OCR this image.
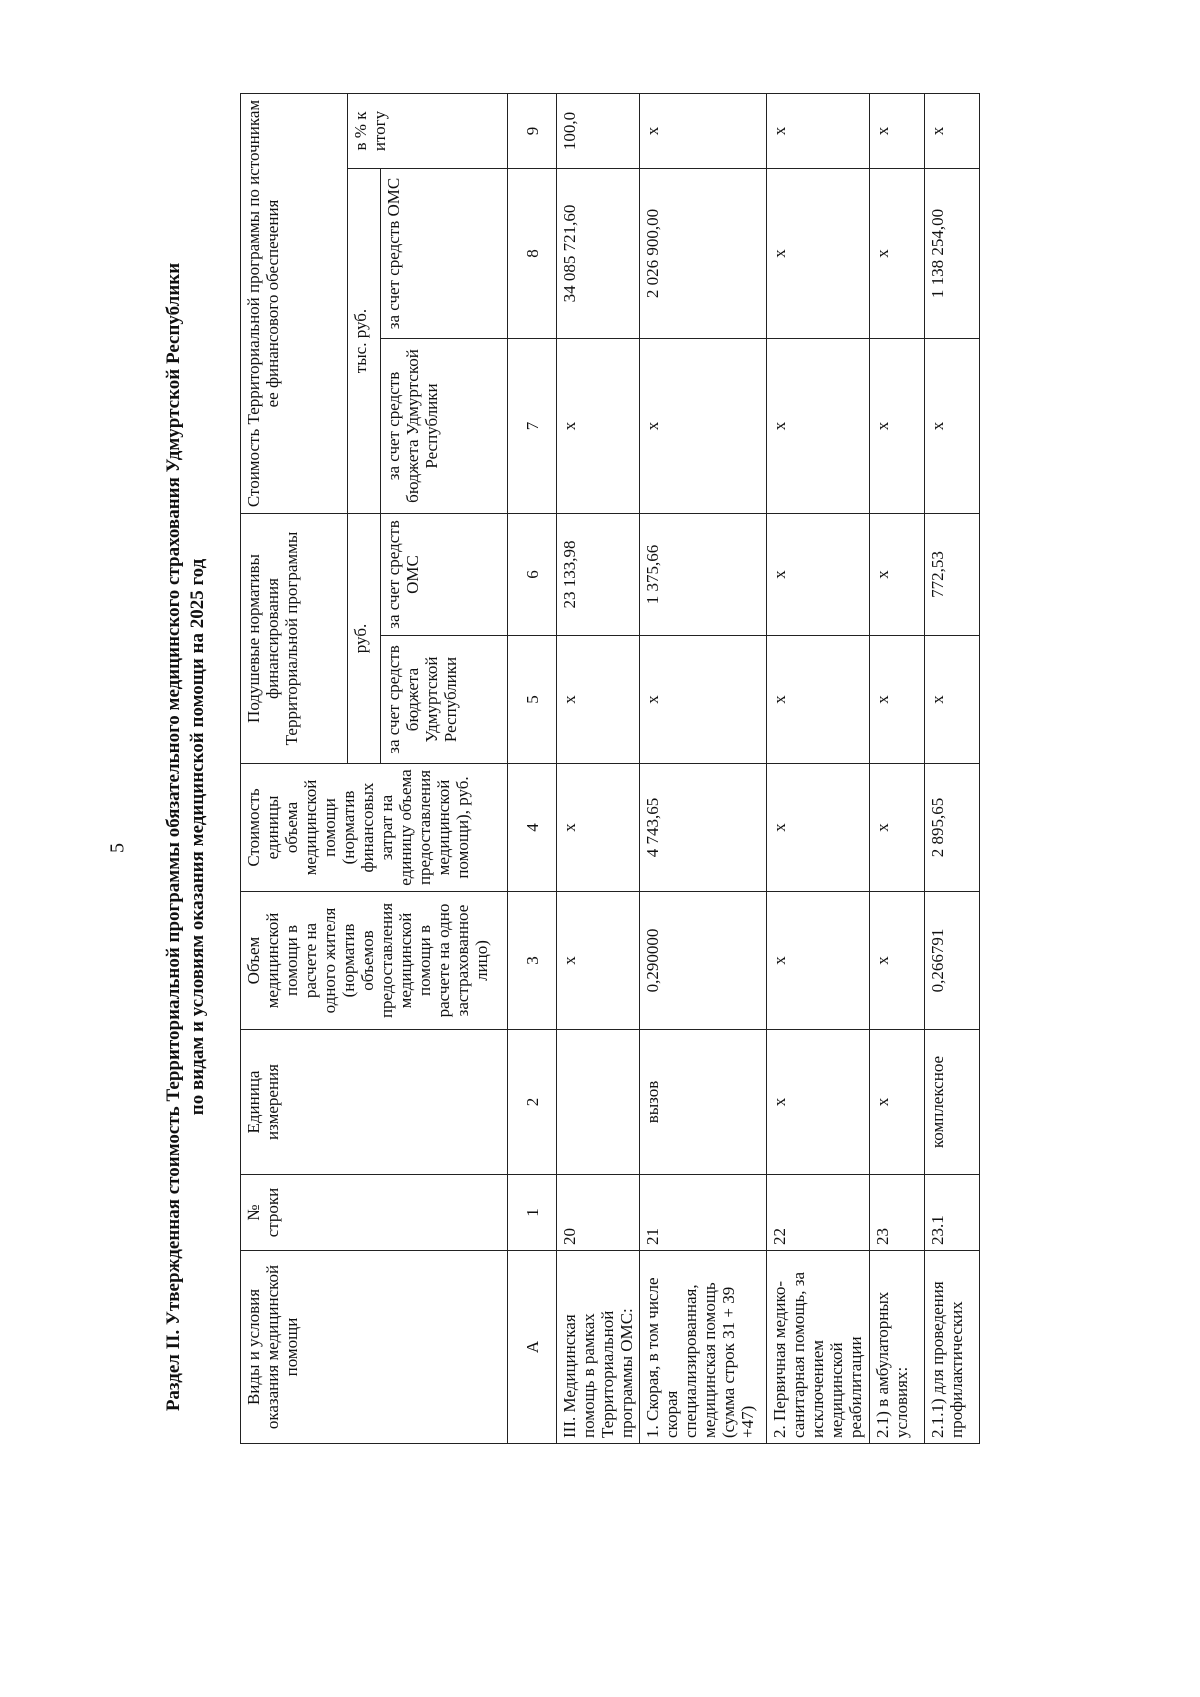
5 Раздел II. Утвержденная стоимость Территориальной программы обязательного медицинского страхования Удмуртской Республики по видам и условиям оказания медицинской помощи на 2025 год
Виды и условия оказания медицинской помощи	№ строки	Единица измерения	Объем медицинской помощи в расчете на одного жителя (норматив объемов предоставления медицинской помощи в расчете на одно застрахованное лицо)	Стоимость единицы объема медицинской помощи (норматив финансовых затрат на единицу объема предоставления медицинской помощи), руб.	Подушевые нормативы финансирования Территориальной программы		Стоимость Территориальной программы по источникам ее финансового обеспечения		
					руб.		тыс. руб.		в % к итогу
					за счет средств бюджета Удмуртской Республики	за счет средств ОМС	за счет средств бюджета Удмуртской Республики	за счет средств ОМС	
А	1	2	3	4	5	6	7	8	9
III. Медицинская помощь в рамках Территориальной программы ОМС:	20		х	х	х	23 133,98	х	34 085 721,60	100,0
1. Скорая, в том числе скорая специализированная, медицинская помощь (сумма строк 31 + 39 +47)	21	вызов	0,290000	4 743,65	х	1 375,66	х	2 026 900,00	х
2. Первичная медико-санитарная помощь, за исключением медицинской реабилитации	22	х	х	х	х	х	х	х	х
2.1) в амбулаторных условиях:	23	х	х	х	х	х	х	х	х
2.1.1) для проведения профилактических	23.1	комплексное	0,266791	2 895,65	х	772,53	х	1 138 254,00	х
